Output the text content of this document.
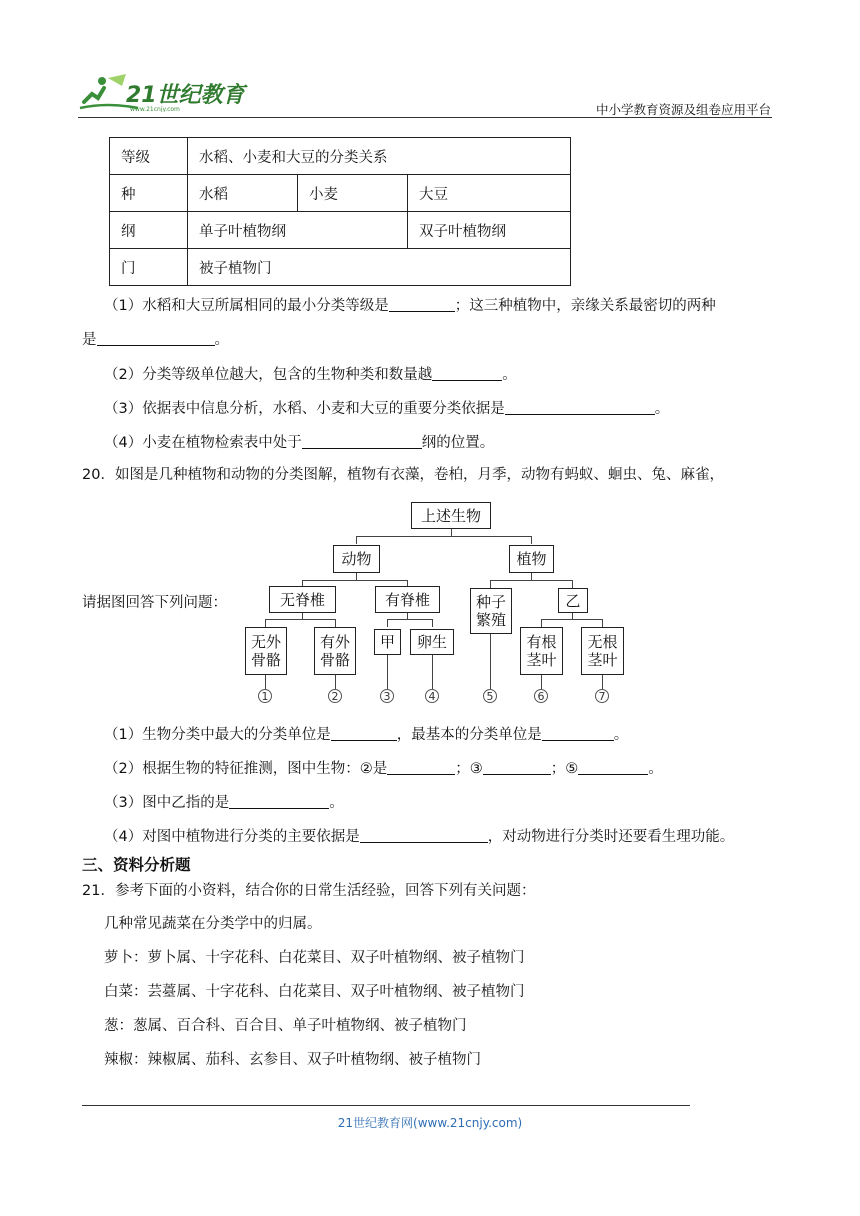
21世纪教育
www.21cnjy.com	中小学教育资源及组卷应用平台
等级	水稻、小麦和大豆的分类关系		
种	水稻	小麦	大豆
纲	单子叶植物纲		双子叶植物纲
门	被子植物门		
（1）水稻和大豆所属相同的最小分类等级是	；这三种植物中，亲缘关系最密切的两种
是	。
（2）分类等级单位越大，包含的生物种类和数量越	。
（3）依据表中信息分析，水稻、小麦和大豆的重要分类依据是	。
（4）小麦在植物检索表中处于	纲的位置。
20．如图是几种植物和动物的分类图解，植物有衣藻，卷柏，月季，动物有蚂蚁、蛔虫、兔、麻雀，
请据图回答下列问题：
上述生物
动物	植物
无脊椎	有脊椎	种子繁殖
乙
无外骨骼
有外骨骼
甲	卵生	有根茎叶
无根茎叶
1	2	3	4	5	6	7
（1）生物分类中最大的分类单位是	，最基本的分类单位是	。
（2）根据生物的特征推测，图中生物：②是	；③	；⑤	。
（3）图中乙指的是	。
（4）对图中植物进行分类的主要依据是	，对动物进行分类时还要看生理功能。
三、资料分析题
21．参考下面的小资料，结合你的日常生活经验，回答下列有关问题：
几种常见蔬菜在分类学中的归属。
萝卜：萝卜属、十字花科、白花菜目、双子叶植物纲、被子植物门
白菜：芸薹属、十字花科、白花菜目、双子叶植物纲、被子植物门
葱：葱属、百合科、百合目、单子叶植物纲、被子植物门
辣椒：辣椒属、茄科、玄参目、双子叶植物纲、被子植物门
21世纪教育网(www.21cnjy.com)
